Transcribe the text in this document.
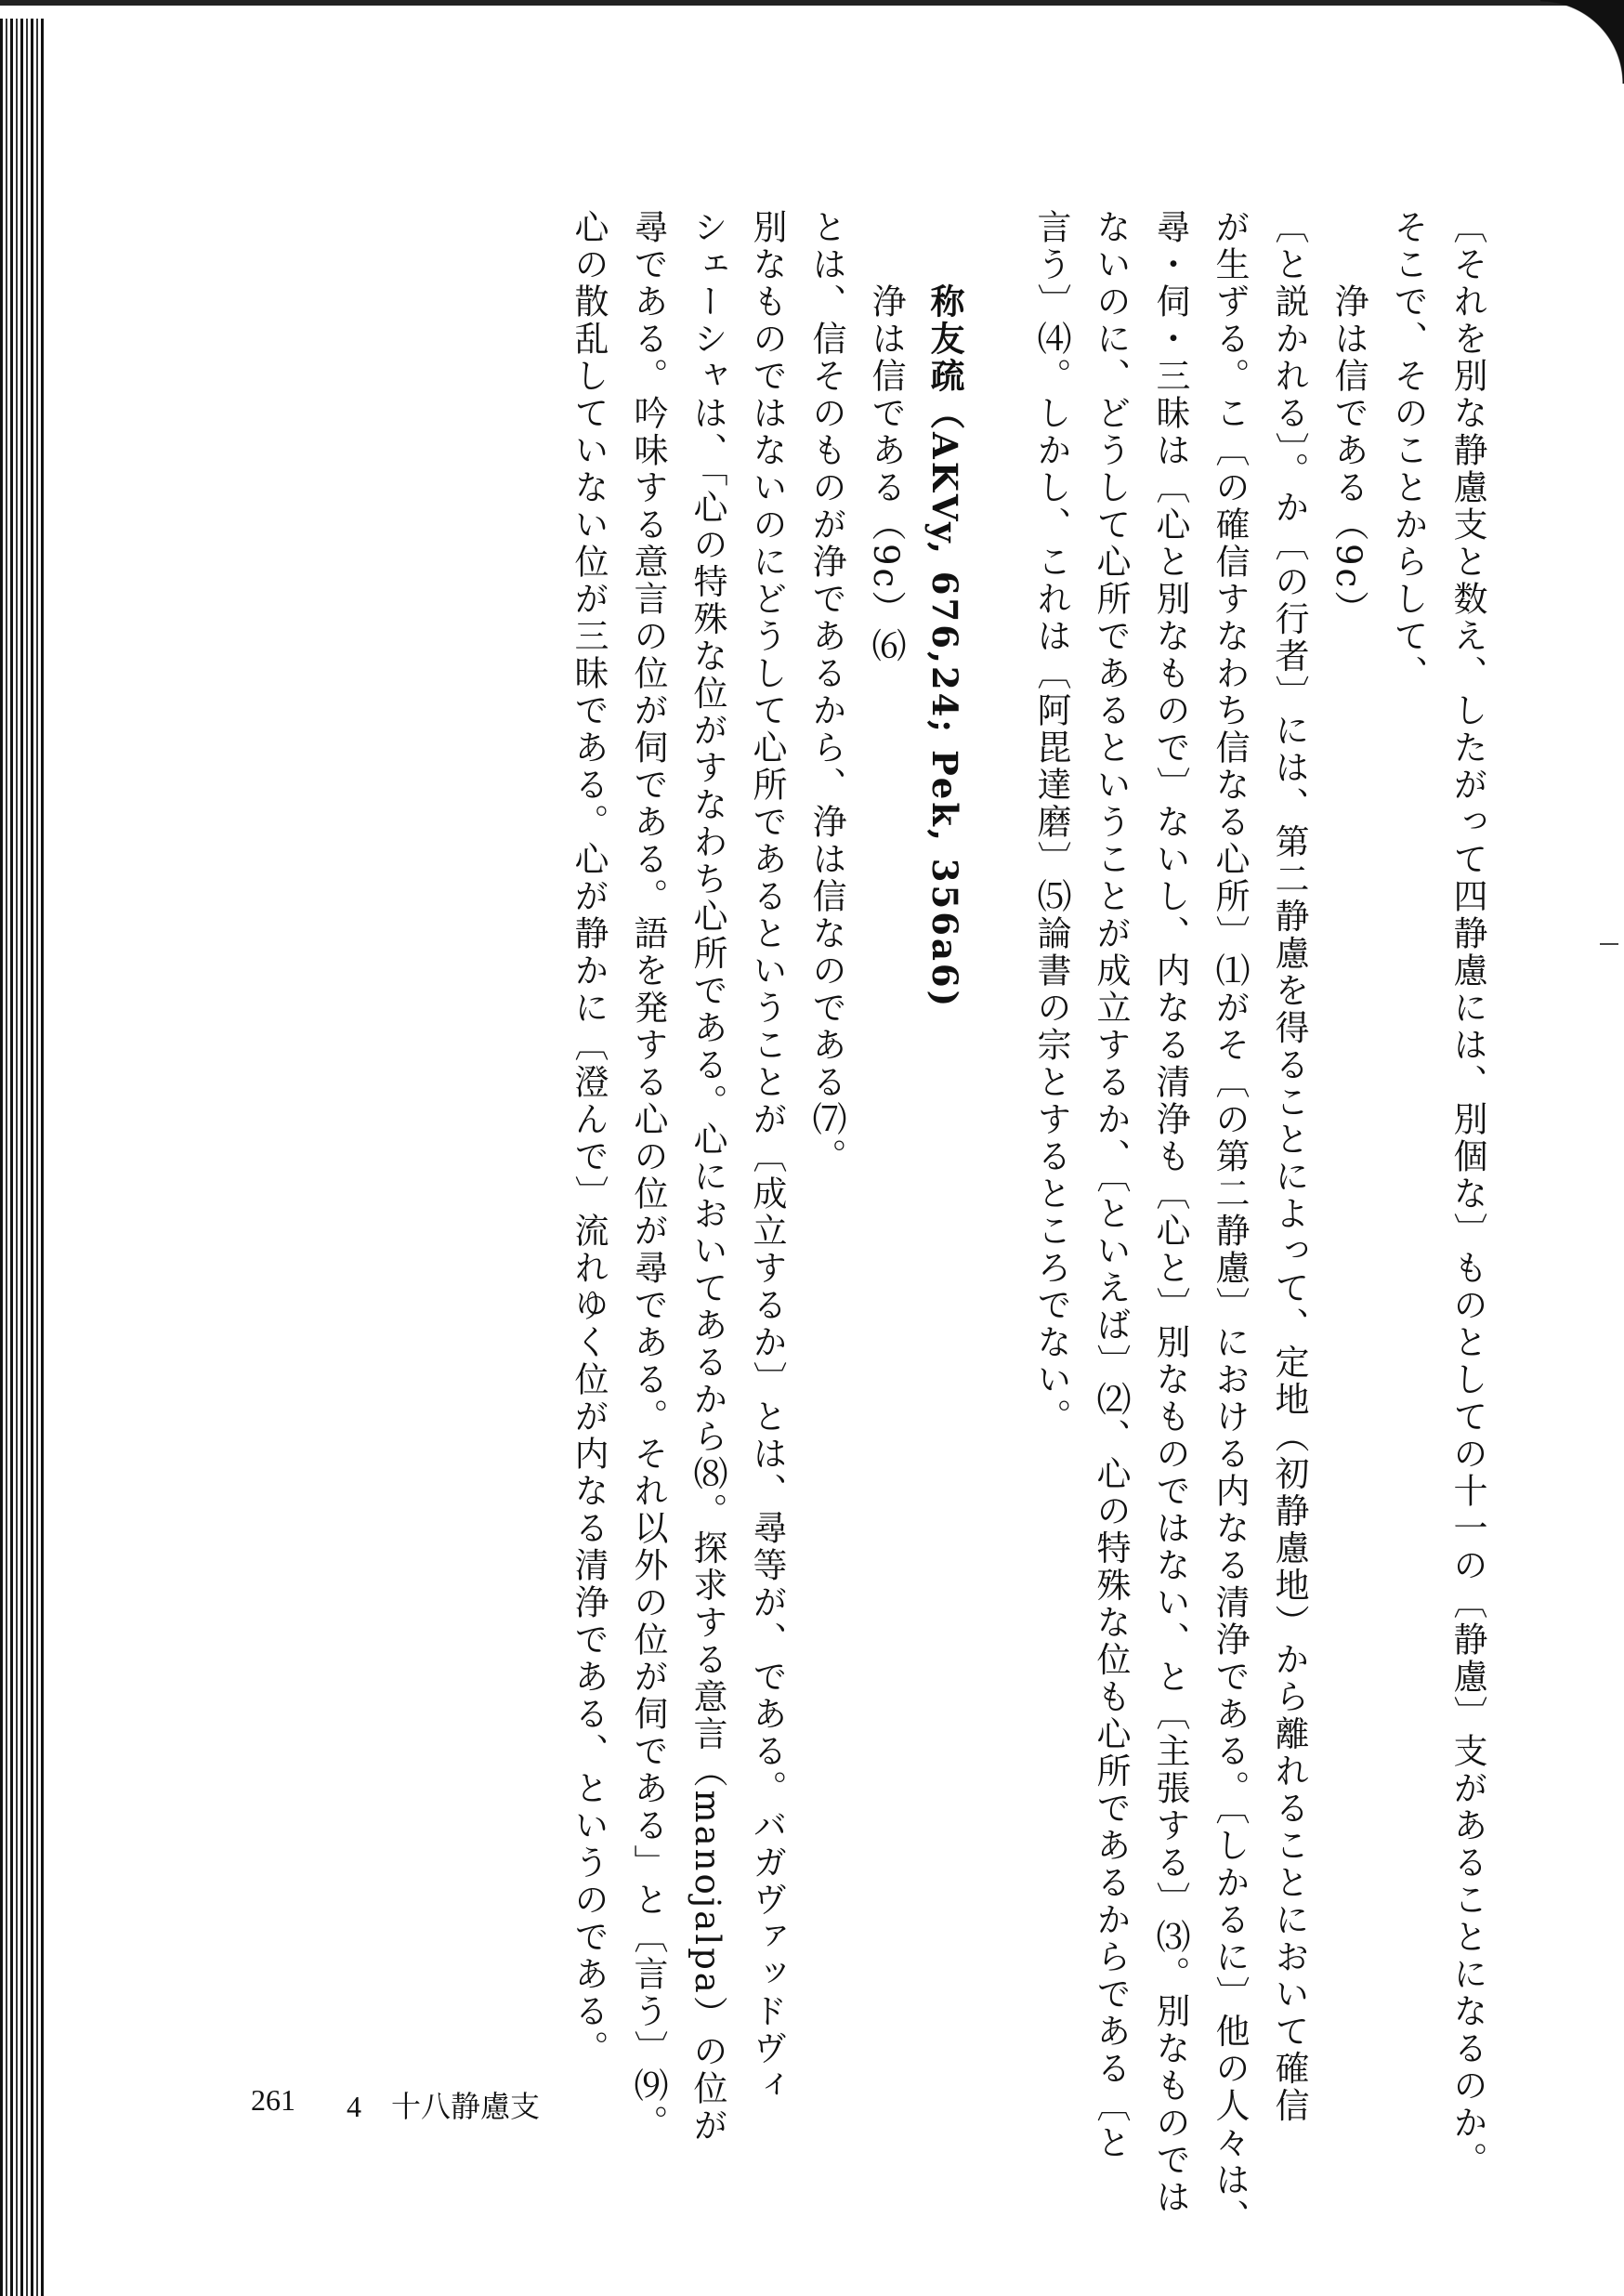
〔それを別な静慮支と数え、したがって四静慮には、別個な〕ものとしての十一の〔静慮〕支があることになるのか。

そこで、そのことからして、

浄は信である（9c）

〔と説かれる〕。か〔の行者〕には、第二静慮を得ることによって、定地（初静慮地）から離れることにおいて確信

が生ずる。こ〔の確信すなわち信なる心所〕⑴がそ〔の第二静慮〕における内なる清浄である。〔しかるに〕他の人々は、

尋・伺・三昧は〔心と別なもので〕ないし、内なる清浄も〔心と〕別なものではない、と〔主張する〕⑶。別なものでは

ないのに、どうして心所であるということが成立するか、〔といえば〕⑵、心の特殊な位も心所であるからである〔と

言う〕⑷。しかし、これは〔阿毘達磨〕⑸論書の宗とするところでない。

称友疏（AKVy, 676,24; Pek, 356a6)

浄は信である（9c）⑹

とは、信そのものが浄であるから、浄は信なのである⑺。

別なものではないのにどうして心所であるということが〔成立するか〕とは、尋等が、である。バガヴァッドヴィ

シェーシャは、「心の特殊な位がすなわち心所である。心においてあるから⑻。探求する意言（manojalpa）の位が

尋である。吟味する意言の位が伺である。語を発する心の位が尋である。それ以外の位が伺である」と〔言う〕⑼。

心の散乱していない位が三昧である。心が静かに〔澄んで〕流れゆく位が内なる清浄である、というのである。

261 4　十八静慮支
